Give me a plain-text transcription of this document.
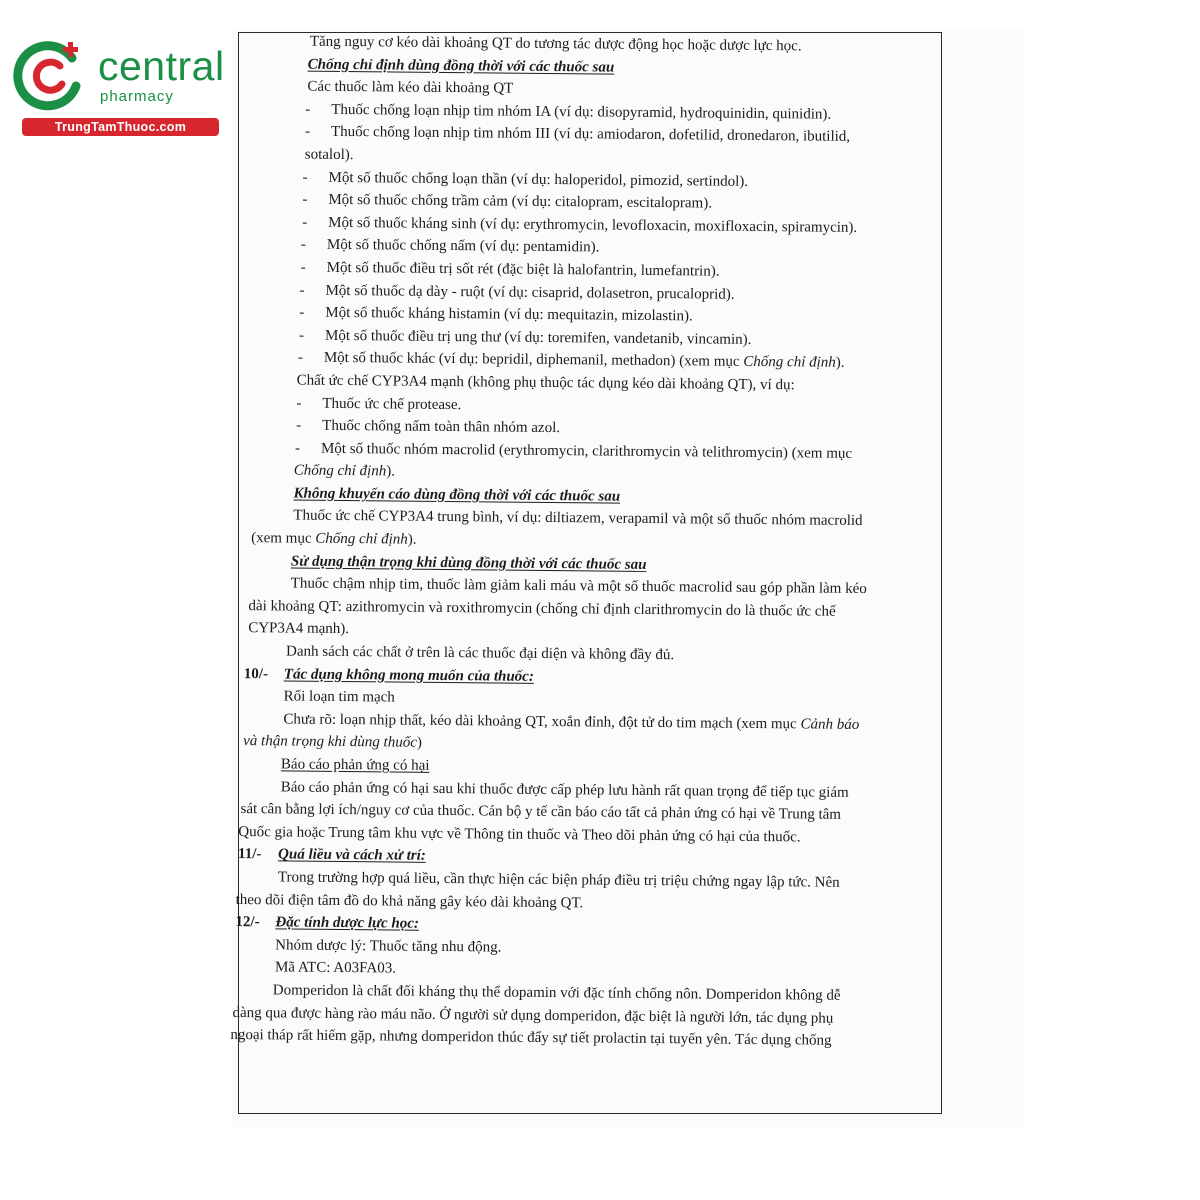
central
pharmacy
TrungTamThuoc.com
Tăng nguy cơ kéo dài khoảng QT do tương tác dược động học hoặc dược lực học.
Chống chỉ định dùng đồng thời với các thuốc sau
Các thuốc làm kéo dài khoảng QT
- Thuốc chống loạn nhịp tim nhóm IA (ví dụ: disopyramid, hydroquinidin, quinidin).
- Thuốc chống loạn nhịp tim nhóm III (ví dụ: amiodaron, dofetilid, dronedaron, ibutilid,
sotalol).
- Một số thuốc chống loạn thần (ví dụ: haloperidol, pimozid, sertindol).
- Một số thuốc chống trầm cảm (ví dụ: citalopram, escitalopram).
- Một số thuốc kháng sinh (ví dụ: erythromycin, levofloxacin, moxifloxacin, spiramycin).
- Một số thuốc chống nấm (ví dụ: pentamidin).
- Một số thuốc điều trị sốt rét (đặc biệt là halofantrin, lumefantrin).
- Một số thuốc dạ dày - ruột (ví dụ: cisaprid, dolasetron, prucaloprid).
- Một số thuốc kháng histamin (ví dụ: mequitazin, mizolastin).
- Một số thuốc điều trị ung thư (ví dụ: toremifen, vandetanib, vincamin).
- Một số thuốc khác (ví dụ: bepridil, diphemanil, methadon) (xem mục Chống chỉ định).
Chất ức chế CYP3A4 mạnh (không phụ thuộc tác dụng kéo dài khoảng QT), ví dụ:
- Thuốc ức chế protease.
- Thuốc chống nấm toàn thân nhóm azol.
- Một số thuốc nhóm macrolid (erythromycin, clarithromycin và telithromycin) (xem mục
Chống chỉ định).
Không khuyến cáo dùng đồng thời với các thuốc sau
Thuốc ức chế CYP3A4 trung bình, ví dụ: diltiazem, verapamil và một số thuốc nhóm macrolid
(xem mục Chống chỉ định).
Sử dụng thận trọng khi dùng đồng thời với các thuốc sau
Thuốc chậm nhịp tim, thuốc làm giảm kali máu và một số thuốc macrolid sau góp phần làm kéo
dài khoảng QT: azithromycin và roxithromycin (chống chỉ định clarithromycin do là thuốc ức chế
CYP3A4 mạnh).
Danh sách các chất ở trên là các thuốc đại diện và không đầy đủ.
10/- Tác dụng không mong muốn của thuốc:
Rối loạn tim mạch
Chưa rõ: loạn nhịp thất, kéo dài khoảng QT, xoắn đỉnh, đột tử do tim mạch (xem mục Cảnh báo
và thận trọng khi dùng thuốc)
Báo cáo phản ứng có hại
Báo cáo phản ứng có hại sau khi thuốc được cấp phép lưu hành rất quan trọng để tiếp tục giám
sát cân bằng lợi ích/nguy cơ của thuốc. Cán bộ y tế cần báo cáo tất cả phản ứng có hại về Trung tâm
Quốc gia hoặc Trung tâm khu vực về Thông tin thuốc và Theo dõi phản ứng có hại của thuốc.
11/- Quá liều và cách xử trí:
Trong trường hợp quá liều, cần thực hiện các biện pháp điều trị triệu chứng ngay lập tức. Nên
theo dõi điện tâm đồ do khả năng gây kéo dài khoảng QT.
12/- Đặc tính dược lực học:
Nhóm dược lý: Thuốc tăng nhu động.
Mã ATC: A03FA03.
Domperidon là chất đối kháng thụ thể dopamin với đặc tính chống nôn. Domperidon không dễ
dàng qua được hàng rào máu não. Ở người sử dụng domperidon, đặc biệt là người lớn, tác dụng phụ
ngoại tháp rất hiếm gặp, nhưng domperidon thúc đẩy sự tiết prolactin tại tuyến yên. Tác dụng chống
